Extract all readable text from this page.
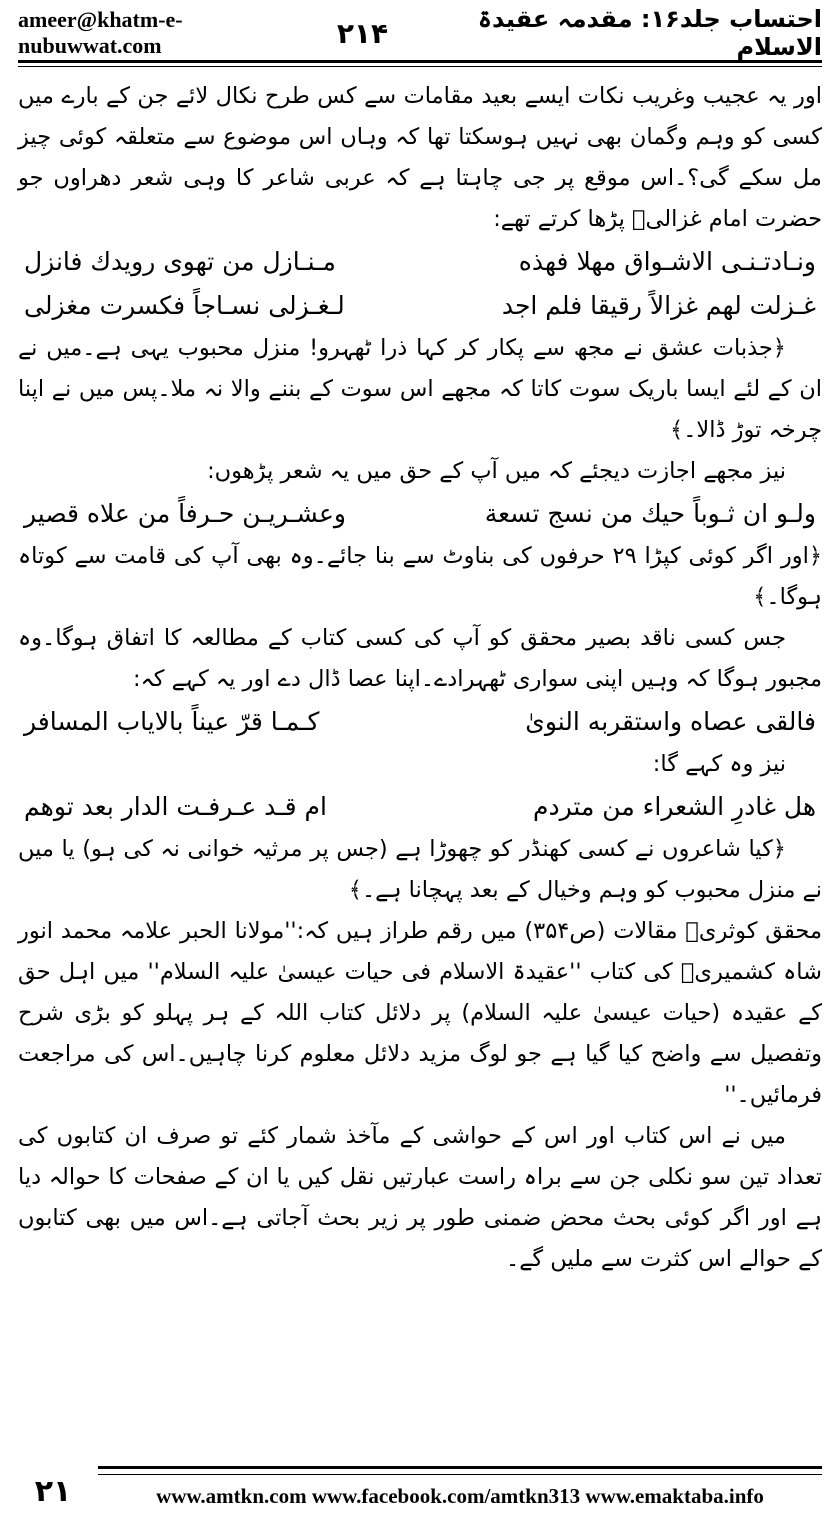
ameer@khatm-e-nubuwwat.com	۲۱۴	احتساب جلد۱۶: مقدمہ عقیدۃ الاسلام

اور یہ عجیب وغریب نکات ایسے بعید مقامات سے کس طرح نکال لائے جن کے بارے میں کسی کو وہم وگمان بھی نہیں ہوسکتا تھا کہ وہاں اس موضوع سے متعلقہ کوئی چیز مل سکے گی؟۔اس موقع پر جی چاہتا ہے کہ عربی شاعر کا وہی شعر دھراوں جو حضرت امام غزالیؒ پڑھا کرتے تھے:

ونـادتـنـی الاشـواق مهلا فهذه
مـنـازل من تهوی رويدك فانزل
غـزلت لهم غزالاً رقيقا فلم اجد
لـغـزلی نسـاجاً فكسرت مغزلی

﴿جذبات عشق نے مجھ سے پکار کر کہا ذرا ٹھہرو! منزل محبوب یہی ہے۔میں نے ان کے لئے ایسا باریک سوت کاتا کہ مجھے اس سوت کے بننے والا نہ ملا۔پس میں نے اپنا چرخہ توڑ ڈالا۔﴾

نیز مجھے اجازت دیجئے کہ میں آپ کے حق میں یہ شعر پڑھوں:

ولـو ان ثـوباً حيك من نسج تسعة
وعشـريـن حـرفاً من علاه قصير

﴿اور اگر کوئی کپڑا ۲۹ حرفوں کی بناوٹ سے بنا جائے۔وہ بھی آپ کی قامت سے کوتاہ ہوگا۔﴾

جس کسی ناقد بصیر محقق کو آپ کی کسی کتاب کے مطالعہ کا اتفاق ہوگا۔وہ مجبور ہوگا کہ وہیں اپنی سواری ٹھہرادے۔اپنا عصا ڈال دے اور یہ کہے کہ:

فالقی عصاه واستقربه النویٰ
كـمـا قرّ عيناً بالاياب المسافر

نیز وہ کہے گا:

هل غادرِ الشعراء من متردم
ام قـد عـرفـت الدار بعد توهم

﴿کیا شاعروں نے کسی کھنڈر کو چھوڑا ہے (جس پر مرثیہ خوانی نہ کی ہو) یا میں نے منزل محبوب کو وہم وخیال کے بعد پہچانا ہے۔﴾

محقق کوثریؒ مقالات (ص۳۵۴) میں رقم طراز ہیں کہ:''مولانا الحبر علامہ محمد انور شاہ کشمیریؒ کی کتاب ''عقیدۃ الاسلام فی حیات عیسیٰ علیہ السلام'' میں اہل حق کے عقیدہ (حیات عیسیٰ علیہ السلام) پر دلائل کتاب اللہ کے ہر پہلو کو بڑی شرح وتفصیل سے واضح کیا گیا ہے جو لوگ مزید دلائل معلوم کرنا چاہیں۔اس کی مراجعت فرمائیں۔''

میں نے اس کتاب اور اس کے حواشی کے مآخذ شمار کئے تو صرف ان کتابوں کی تعداد تین سو نکلی جن سے براہ راست عبارتیں نقل کیں یا ان کے صفحات کا حوالہ دیا ہے اور اگر کوئی بحث محض ضمنی طور پر زیر بحث آجاتی ہے۔اس میں بھی کتابوں کے حوالے اس کثرت سے ملیں گے۔

۲۱	www.amtkn.com www.facebook.com/amtkn313 www.emaktaba.info
